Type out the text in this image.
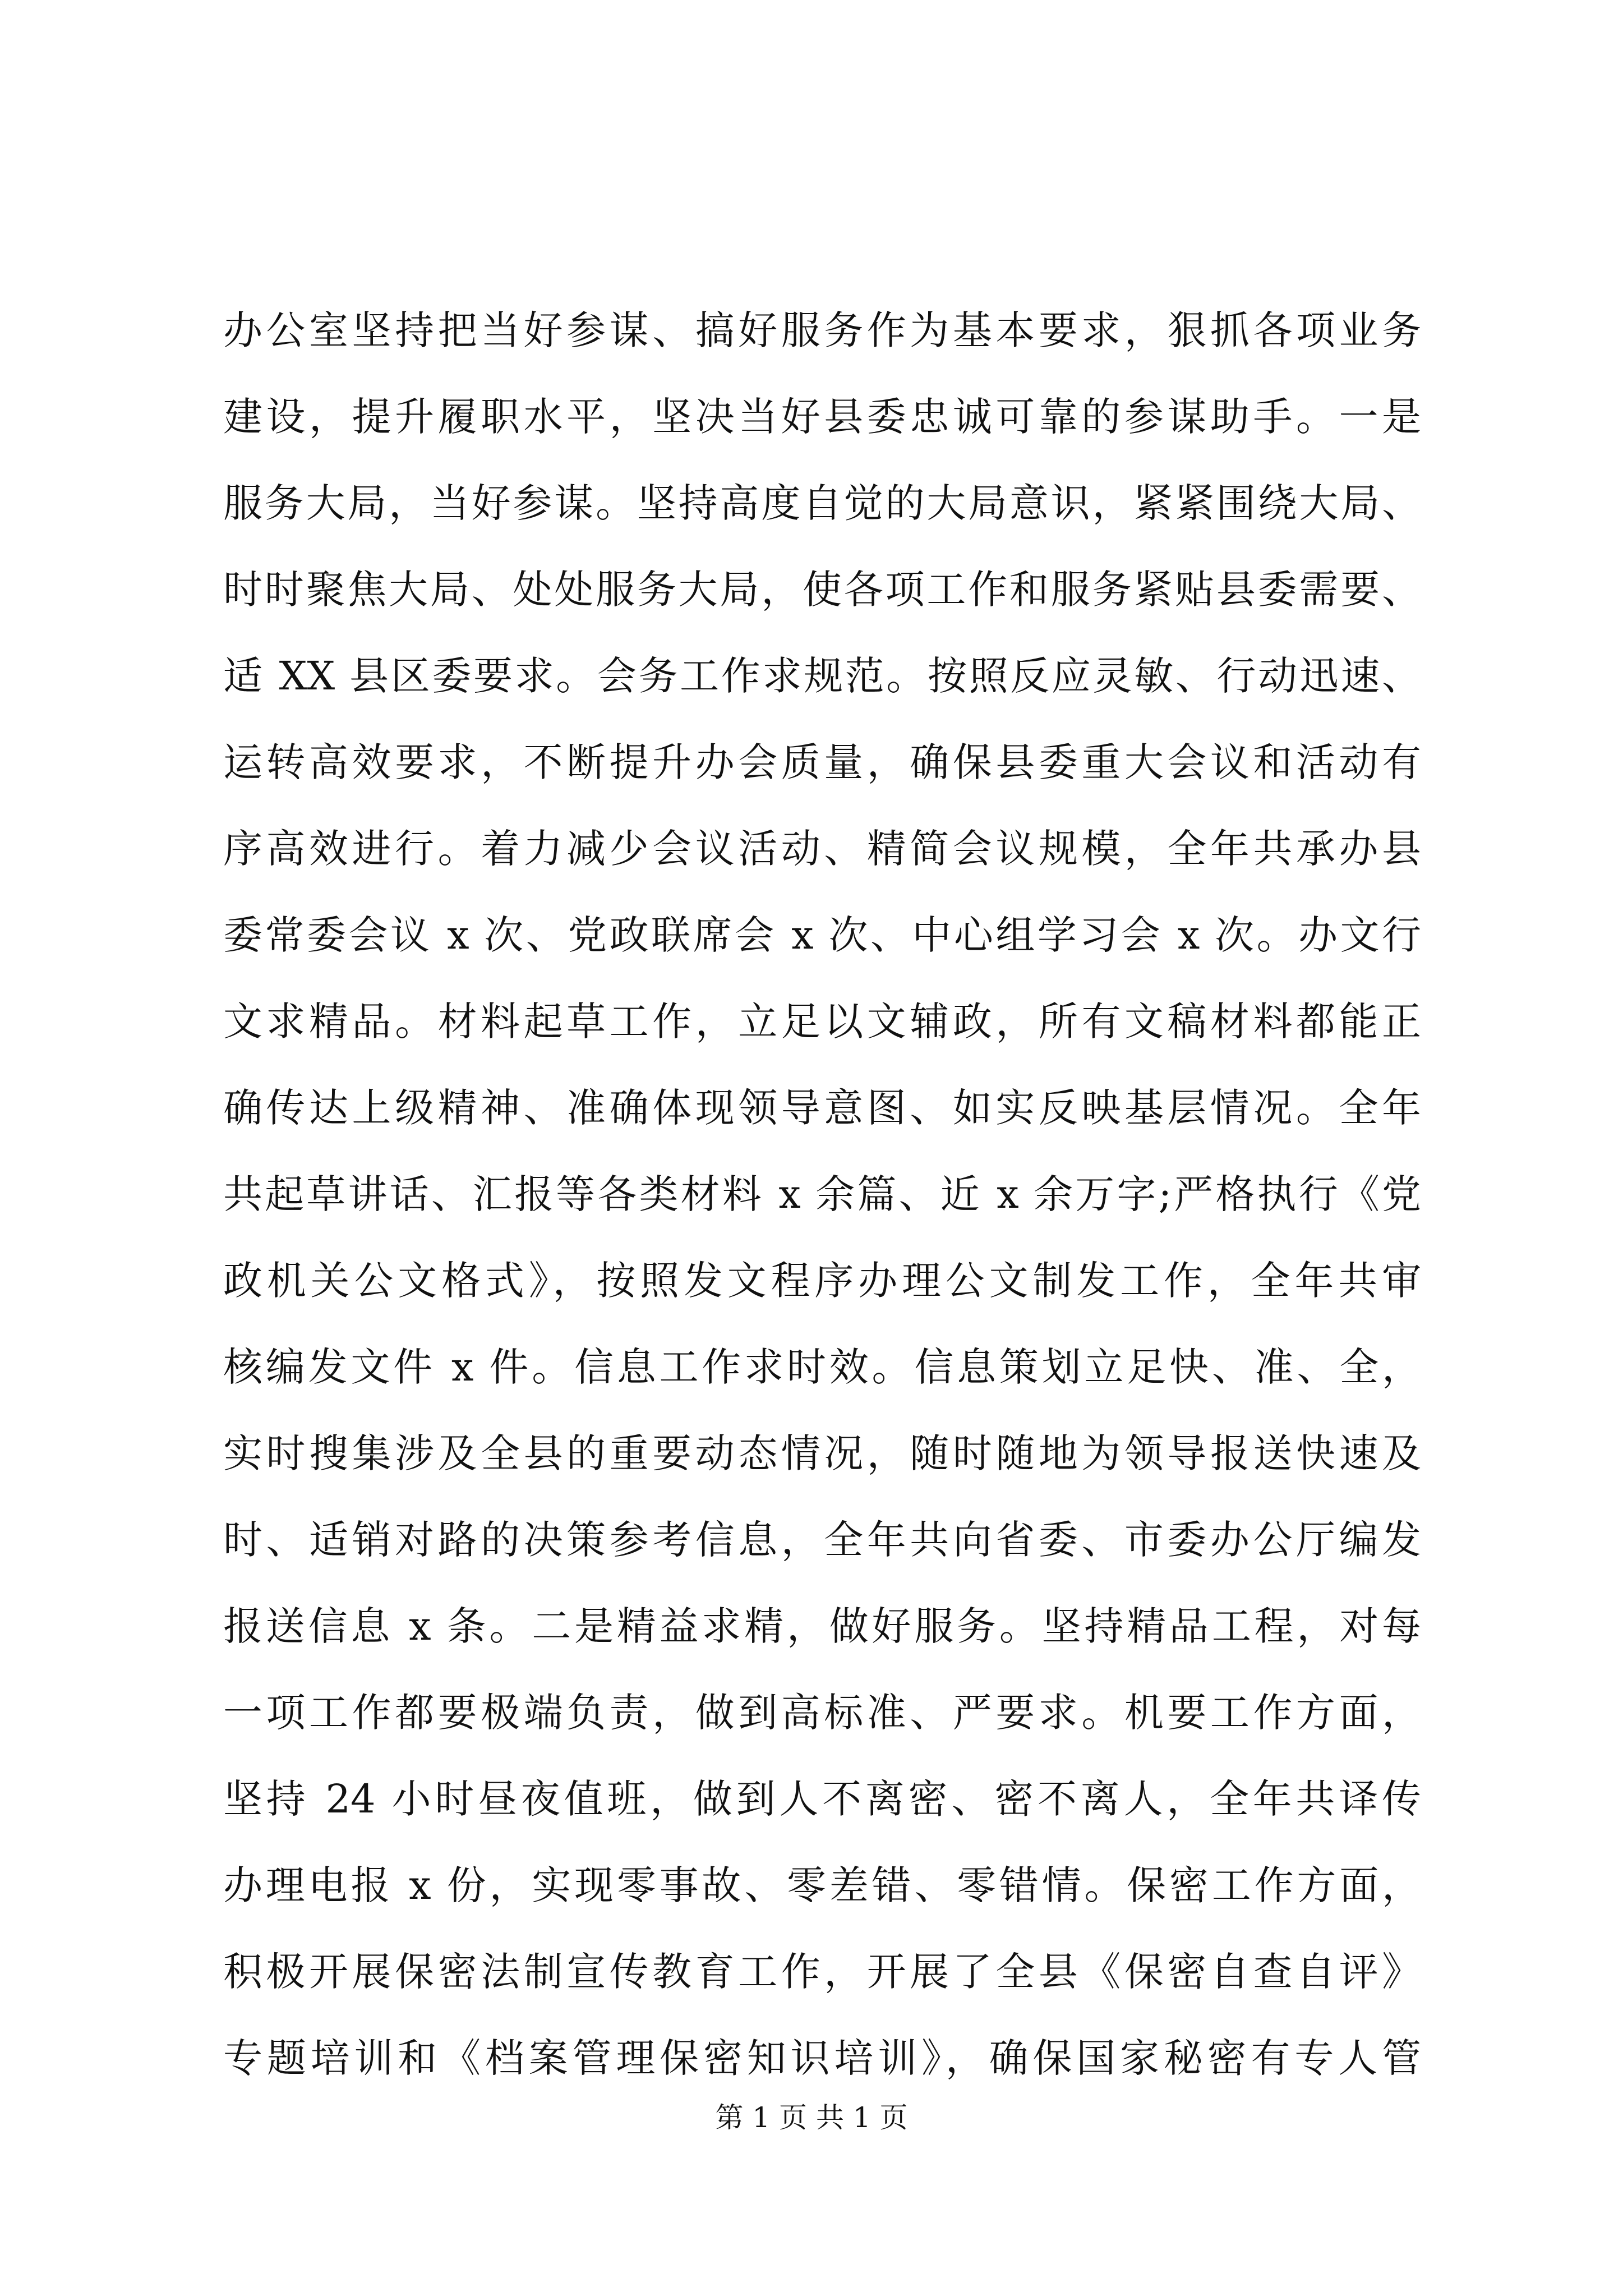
办公室坚持把当好参谋、搞好服务作为基本要求，狠抓各项业务
建设，提升履职水平，坚决当好县委忠诚可靠的参谋助手。一是
服务大局，当好参谋。坚持高度自觉的大局意识，紧紧围绕大局、
时时聚焦大局、处处服务大局，使各项工作和服务紧贴县委需要、
适 XX 县区委要求。会务工作求规范。按照反应灵敏、行动迅速、
运转高效要求，不断提升办会质量，确保县委重大会议和活动有
序高效进行。着力减少会议活动、精简会议规模，全年共承办县
委常委会议 x 次、党政联席会 x 次、中心组学习会 x 次。办文行
文求精品。材料起草工作，立足以文辅政，所有文稿材料都能正
确传达上级精神、准确体现领导意图、如实反映基层情况。全年
共起草讲话、汇报等各类材料 x 余篇、近 x 余万字;严格执行《党
政机关公文格式》，按照发文程序办理公文制发工作，全年共审
核编发文件 x 件。信息工作求时效。信息策划立足快、准、全，
实时搜集涉及全县的重要动态情况，随时随地为领导报送快速及
时、适销对路的决策参考信息，全年共向省委、市委办公厅编发
报送信息 x 条。二是精益求精，做好服务。坚持精品工程，对每
一项工作都要极端负责，做到高标准、严要求。机要工作方面，
坚持 24 小时昼夜值班，做到人不离密、密不离人，全年共译传
办理电报 x 份，实现零事故、零差错、零错情。保密工作方面，
积极开展保密法制宣传教育工作，开展了全县《保密自查自评》
专题培训和《档案管理保密知识培训》，确保国家秘密有专人管
第 1 页 共 1 页
